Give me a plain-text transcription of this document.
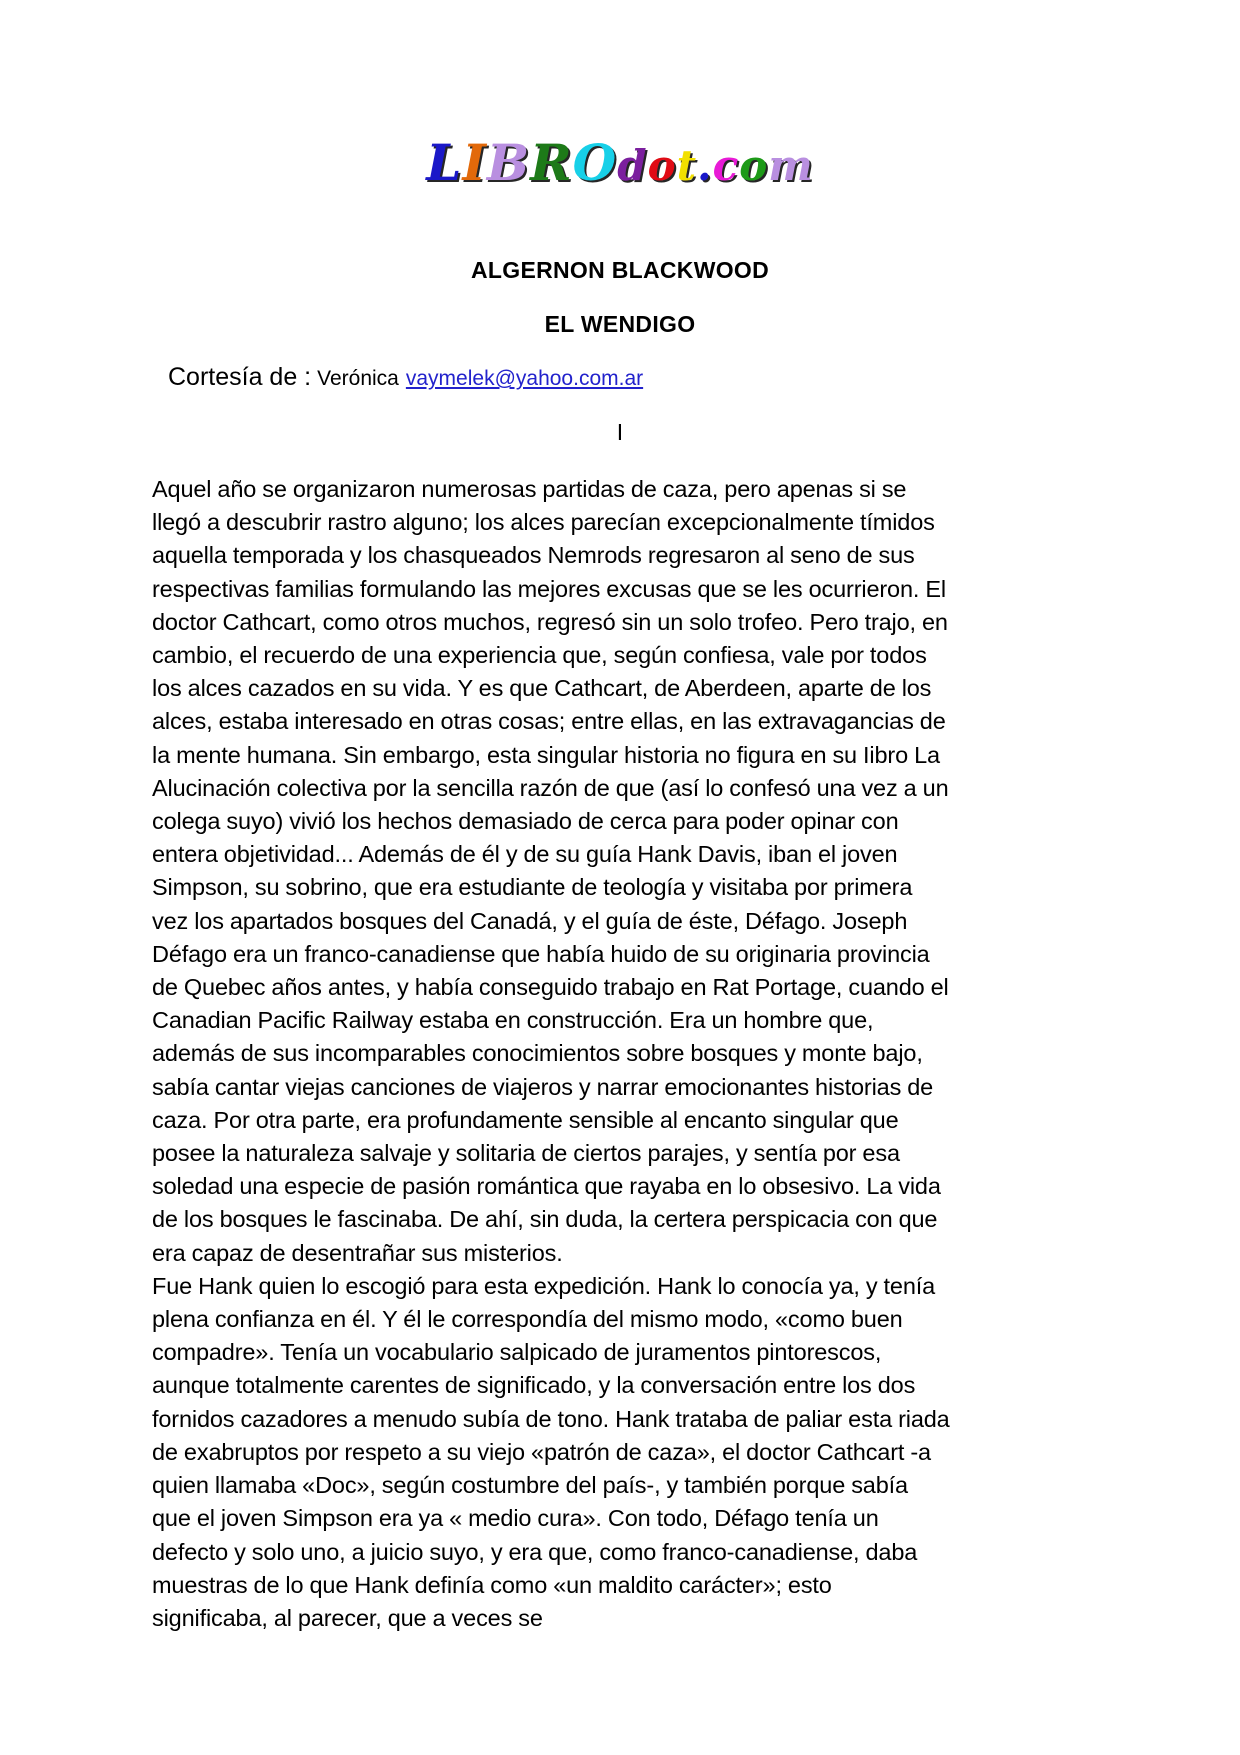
LIBROdot.com
ALGERNON BLACKWOOD
EL WENDIGO
Cortesía de : Verónica vaymelek@yahoo.com.ar
I

Aquel año se organizaron numerosas partidas de caza, pero apenas si se llegó a descubrir rastro alguno; los alces parecían excepcionalmente tímidos aquella temporada y los chasqueados Nemrods regresaron al seno de sus respectivas familias formulando las mejores excusas que se les ocurrieron. El doctor Cathcart, como otros muchos, regresó sin un solo trofeo. Pero trajo, en cambio, el recuerdo de una experiencia que, según confiesa, vale por todos los alces cazados en su vida. Y es que Cathcart, de Aberdeen, aparte de los alces, estaba interesado en otras cosas; entre ellas, en las extravagancias de la mente humana. Sin embargo, esta singular historia no figura en su Iibro La Alucinación colectiva por la sencilla razón de que (así lo confesó una vez a un colega suyo) vivió los hechos demasiado de cerca para poder opinar con entera objetividad... Además de él y de su guía Hank Davis, iban el joven Simpson, su sobrino, que era estudiante de teología y visitaba por primera vez los apartados bosques del Canadá, y el guía de éste, Défago. Joseph Défago era un franco-canadiense que había huido de su originaria provincia de Quebec años antes, y había conseguido trabajo en Rat Portage, cuando el Canadian Pacific Railway estaba en construcción. Era un hombre que, además de sus incomparables conocimientos sobre bosques y monte bajo, sabía cantar viejas canciones de viajeros y narrar emocionantes historias de caza. Por otra parte, era profundamente sensible al encanto singular que posee la naturaleza salvaje y solitaria de ciertos parajes, y sentía por esa soledad una especie de pasión romántica que rayaba en lo obsesivo. La vida de los bosques le fascinaba. De ahí, sin duda, la certera perspicacia con que era capaz de desentrañar sus misterios.

Fue Hank quien lo escogió para esta expedición. Hank lo conocía ya, y tenía plena confianza en él. Y él le correspondía del mismo modo, «como buen compadre». Tenía un vocabulario salpicado de juramentos pintorescos, aunque totalmente carentes de significado, y la conversación entre los dos fornidos cazadores a menudo subía de tono. Hank trataba de paliar esta riada de exabruptos por respeto a su viejo «patrón de caza», el doctor Cathcart -a quien llamaba «Doc», según costumbre del país-, y también porque sabía que el joven Simpson era ya « medio cura». Con todo, Défago tenía un defecto y solo uno, a juicio suyo, y era que, como franco-canadiense, daba muestras de lo que Hank definía como «un maldito carácter»; esto significaba, al parecer, que a veces se
